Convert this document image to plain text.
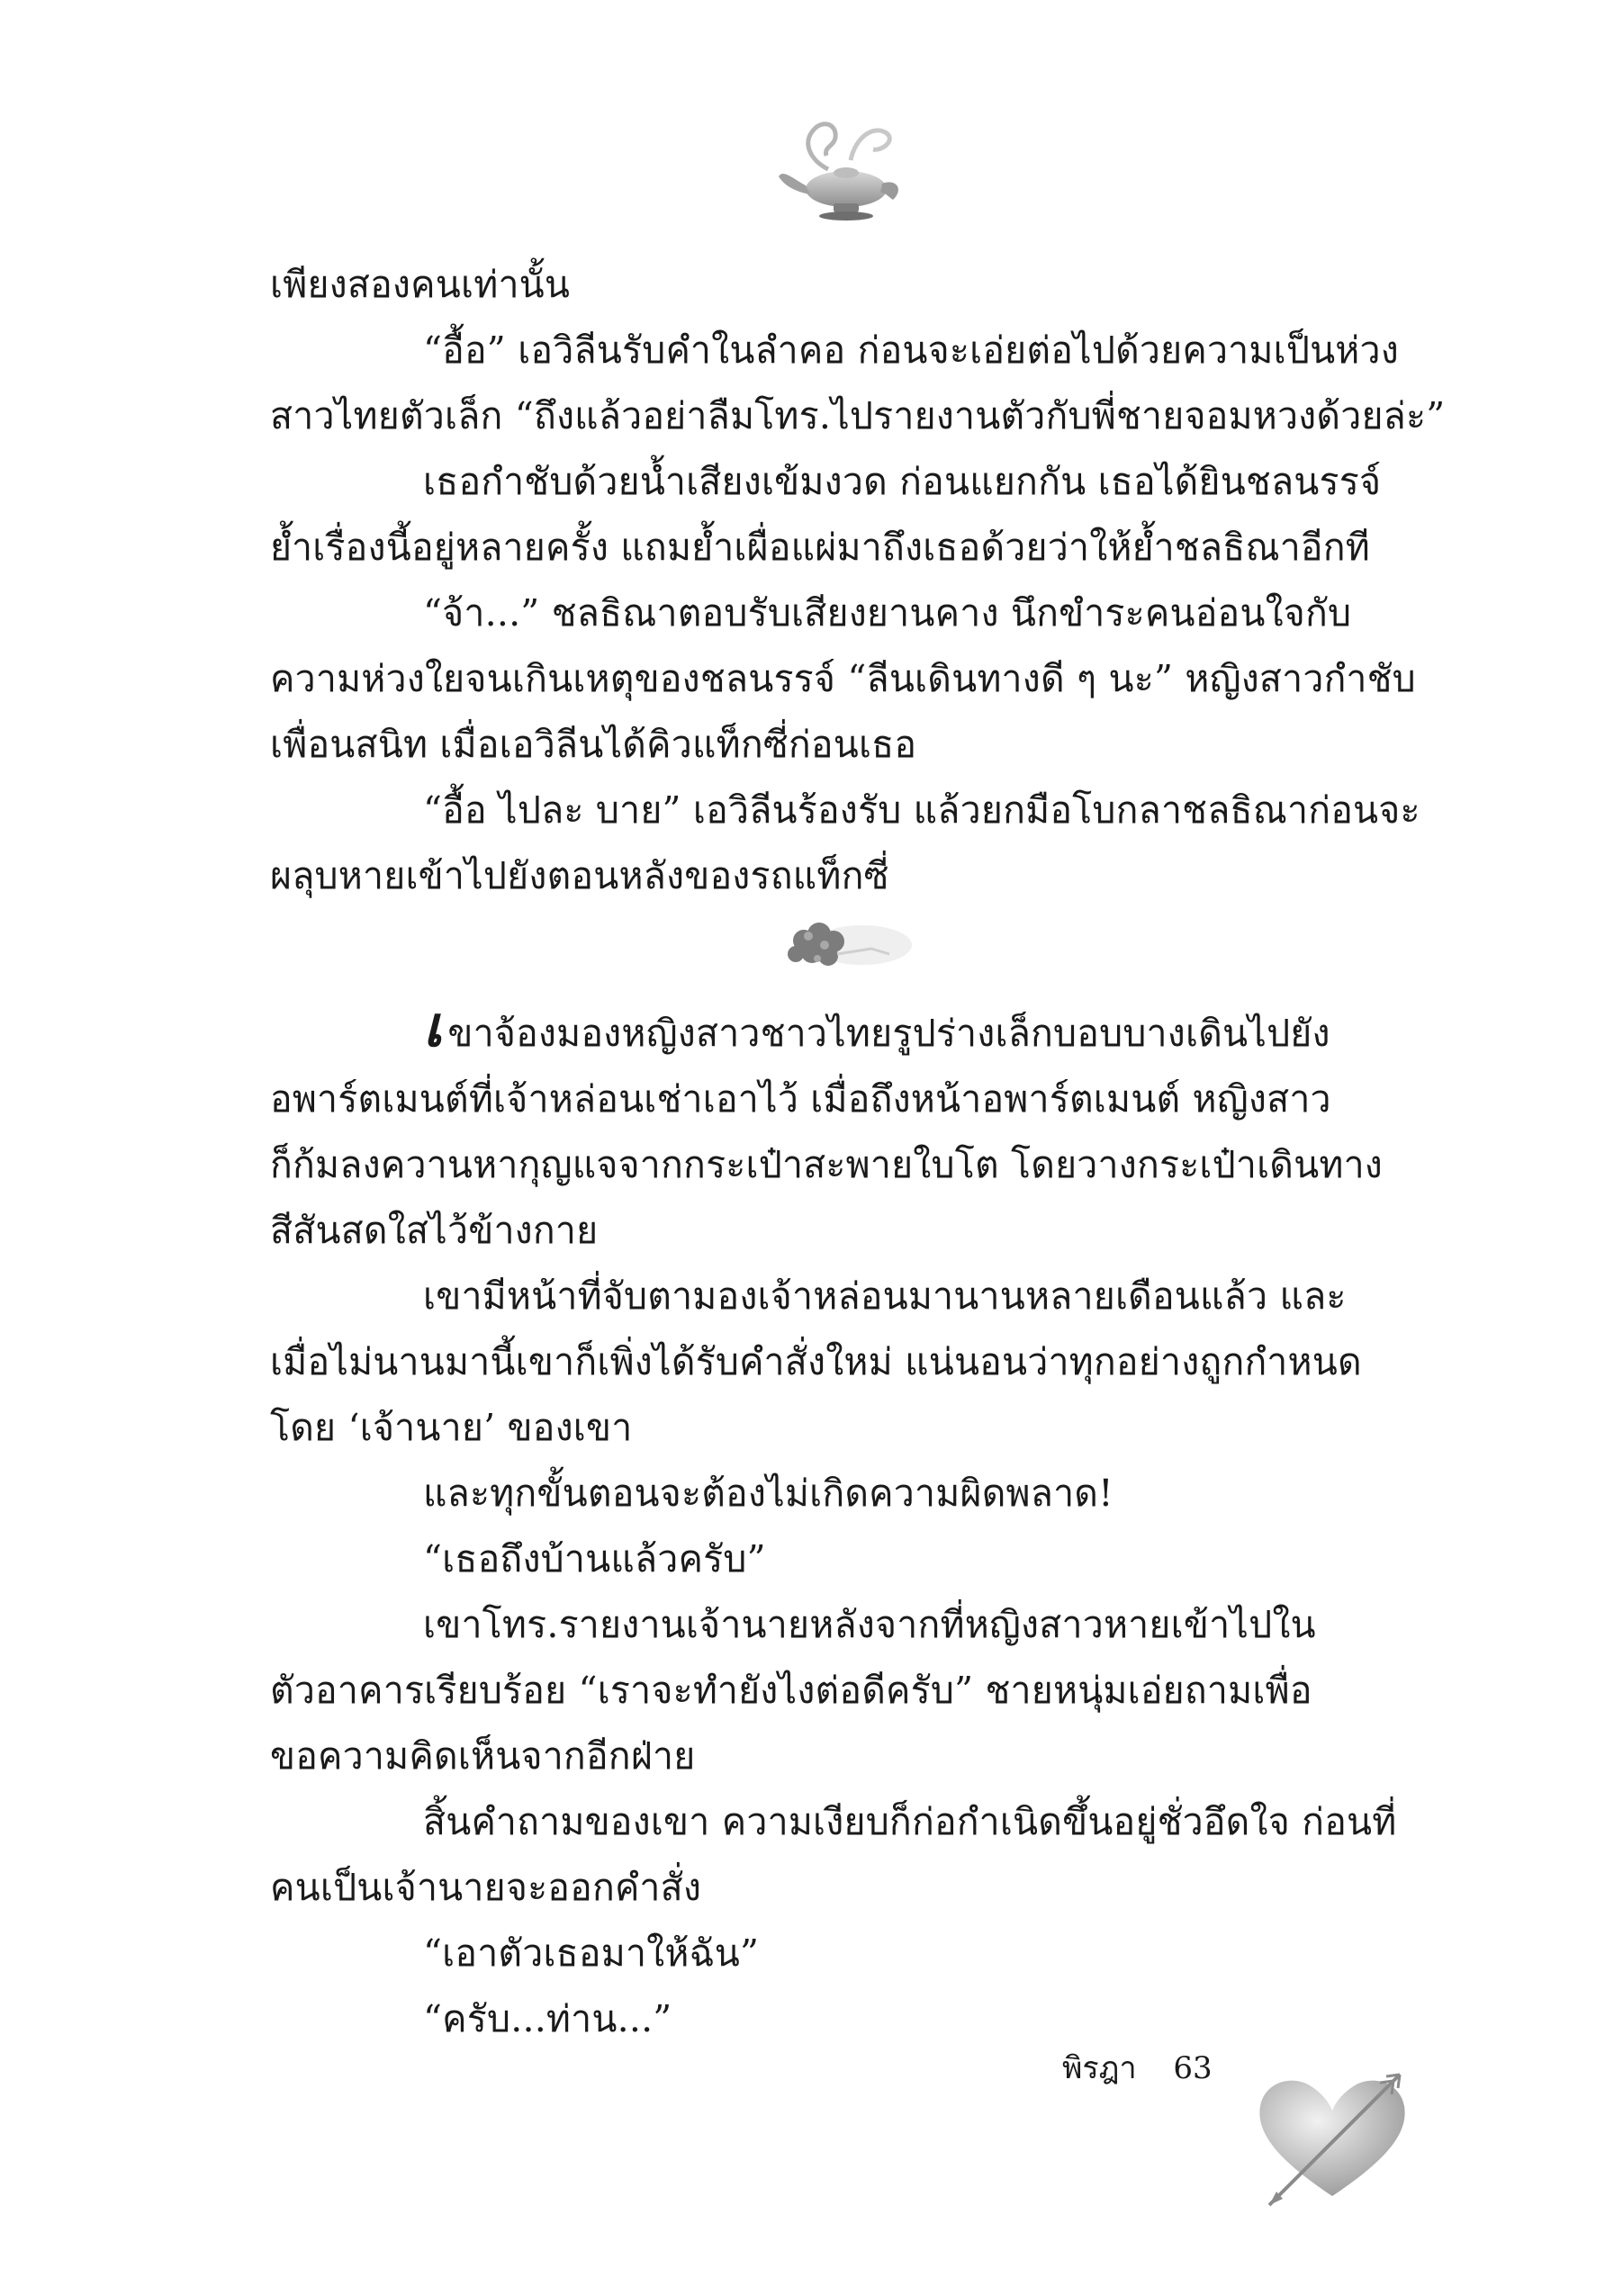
เพียงสองคนเท่านั้น
“อื้อ” เอวิลีนรับคำในลำคอ ก่อนจะเอ่ยต่อไปด้วยความเป็นห่วง
สาวไทยตัวเล็ก “ถึงแล้วอย่าลืมโทร.ไปรายงานตัวกับพี่ชายจอมหวงด้วยล่ะ”
เธอกำชับด้วยน้ำเสียงเข้มงวด ก่อนแยกกัน เธอได้ยินชลนรรจ์
ย้ำเรื่องนี้อยู่หลายครั้ง แถมย้ำเผื่อแผ่มาถึงเธอด้วยว่าให้ย้ำชลธิณาอีกที
“จ้า...” ชลธิณาตอบรับเสียงยานคาง นึกขำระคนอ่อนใจกับ
ความห่วงใยจนเกินเหตุของชลนรรจ์ “ลีนเดินทางดี ๆ นะ” หญิงสาวกำชับ
เพื่อนสนิท เมื่อเอวิลีนได้คิวแท็กซี่ก่อนเธอ
“อื้อ ไปละ บาย” เอวิลีนร้องรับ แล้วยกมือโบกลาชลธิณาก่อนจะ
ผลุบหายเข้าไปยังตอนหลังของรถแท็กซี่
เขาจ้องมองหญิงสาวชาวไทยรูปร่างเล็กบอบบางเดินไปยัง
อพาร์ตเมนต์ที่เจ้าหล่อนเช่าเอาไว้ เมื่อถึงหน้าอพาร์ตเมนต์ หญิงสาว
ก็ก้มลงควานหากุญแจจากกระเป๋าสะพายใบโต โดยวางกระเป๋าเดินทาง
สีสันสดใสไว้ข้างกาย
เขามีหน้าที่จับตามองเจ้าหล่อนมานานหลายเดือนแล้ว และ
เมื่อไม่นานมานี้เขาก็เพิ่งได้รับคำสั่งใหม่ แน่นอนว่าทุกอย่างถูกกำหนด
โดย ‘เจ้านาย’ ของเขา
และทุกขั้นตอนจะต้องไม่เกิดความผิดพลาด!
“เธอถึงบ้านแล้วครับ”
เขาโทร.รายงานเจ้านายหลังจากที่หญิงสาวหายเข้าไปใน
ตัวอาคารเรียบร้อย “เราจะทำยังไงต่อดีครับ” ชายหนุ่มเอ่ยถามเพื่อ
ขอความคิดเห็นจากอีกฝ่าย
สิ้นคำถามของเขา ความเงียบก็ก่อกำเนิดขึ้นอยู่ชั่วอึดใจ ก่อนที่
คนเป็นเจ้านายจะออกคำสั่ง
“เอาตัวเธอมาให้ฉัน”
“ครับ...ท่าน...”
พิรฎา 63
